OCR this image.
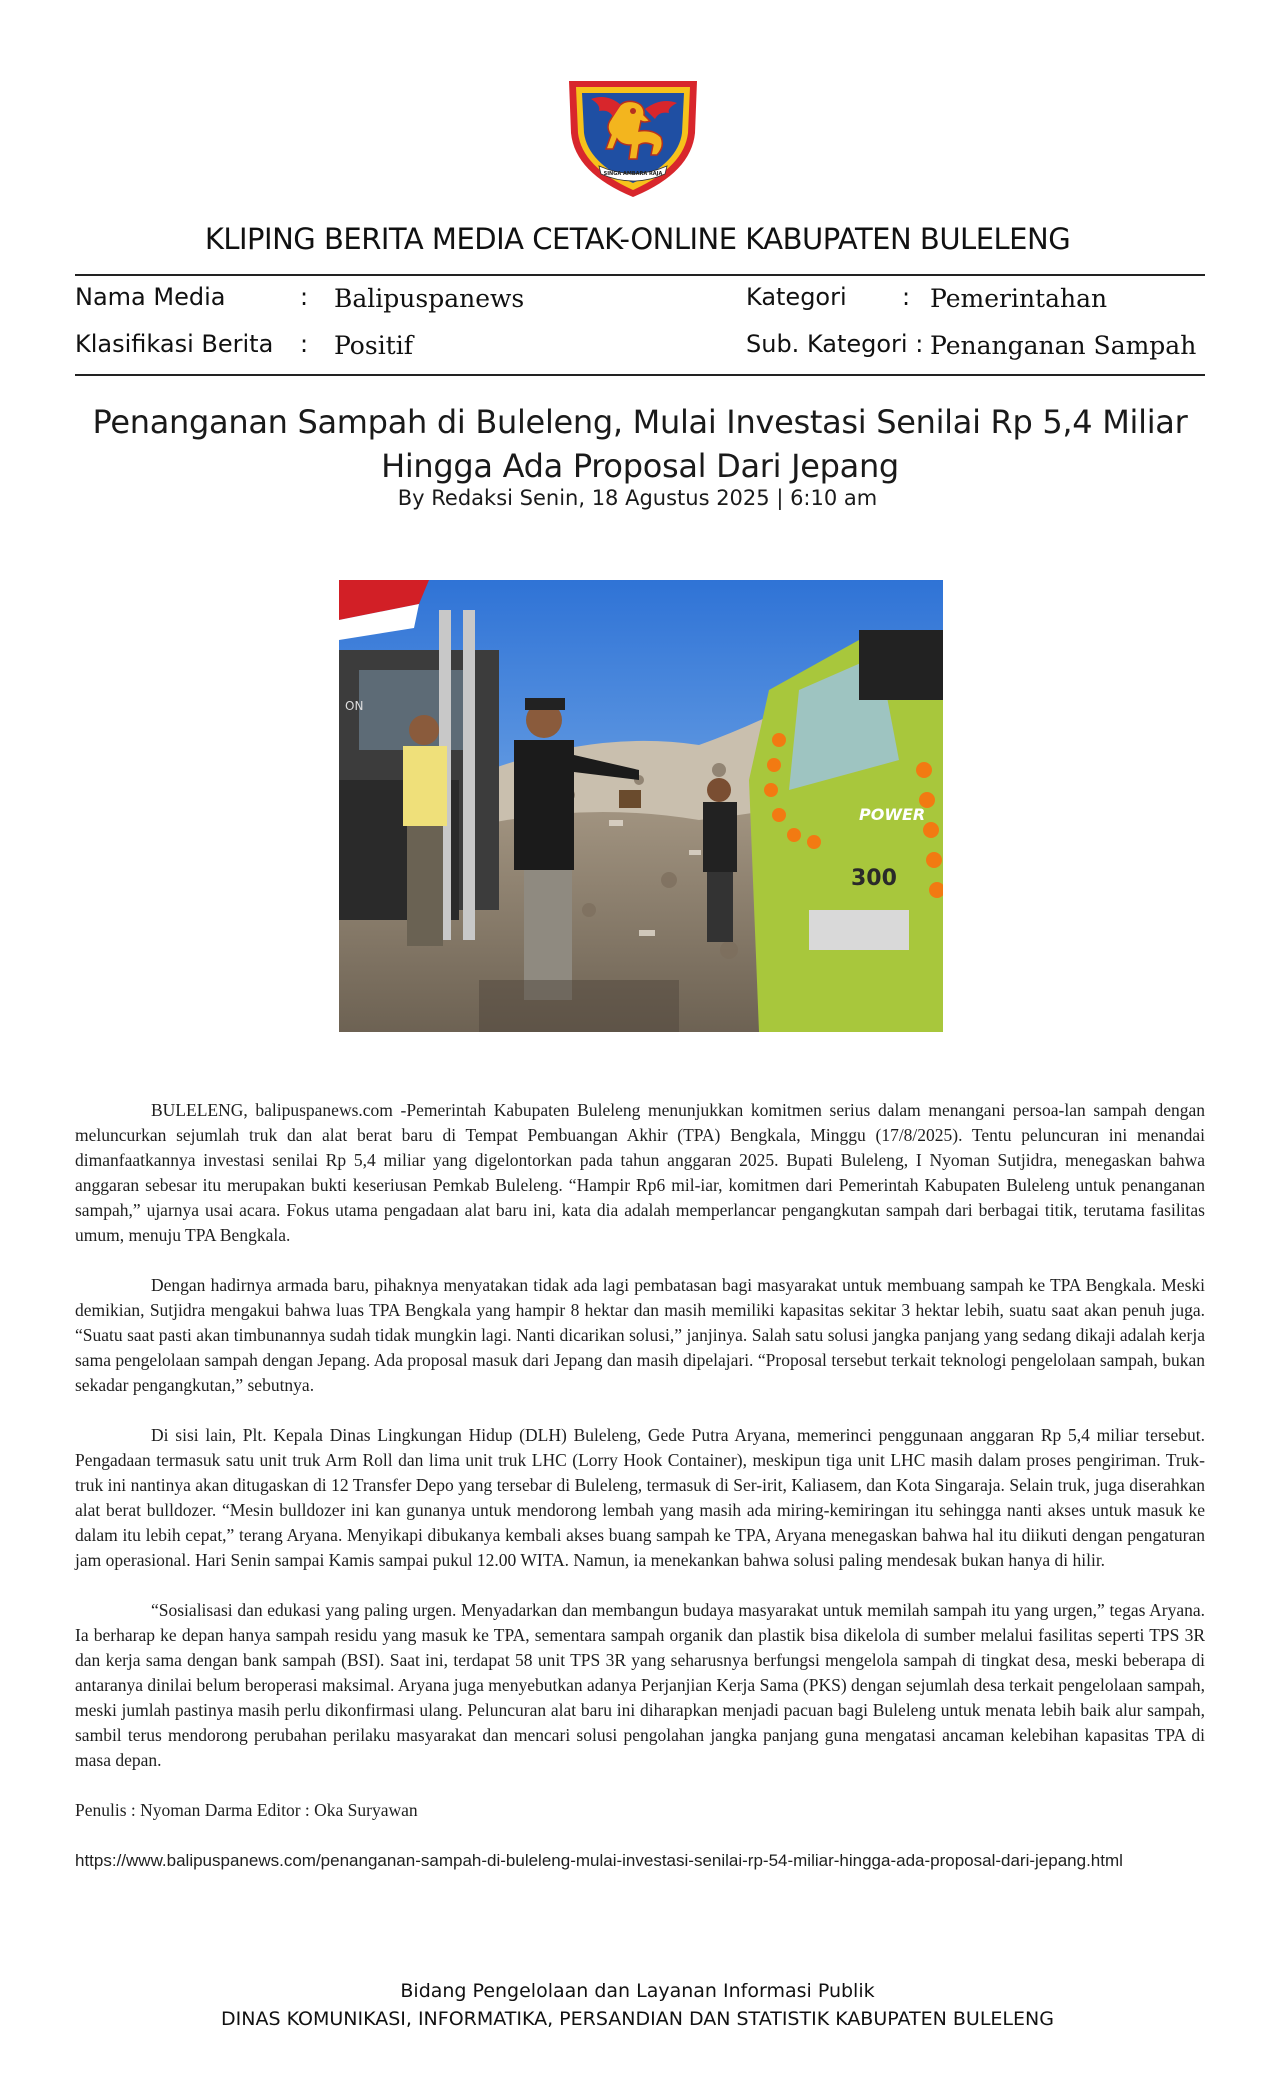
SINGA AMBARA RAJA
KLIPING BERITA MEDIA CETAK-ONLINE KABUPATEN BULELENG
Nama Media	: Balipuspanews
Klasifikasi Berita : Positif
Kategori : Pemerintahan
Sub. Kategori : Penanganan Sampah
Penanganan Sampah di Buleleng, Mulai Investasi Senilai Rp 5,4 Miliar
Hingga Ada Proposal Dari Jepang
By Redaksi Senin, 18 Agustus 2025 | 6:10 am
ON
POWER
300

BULELENG, balipuspanews.com -Pemerintah Kabupaten Buleleng menunjukkan komitmen serius dalam menangani persoa-lan sampah dengan meluncurkan sejumlah truk dan alat berat baru di Tempat Pembuangan Akhir (TPA) Bengkala, Minggu (17/8/2025). Tentu peluncuran ini menandai dimanfaatkannya investasi senilai Rp 5,4 miliar yang digelontorkan pada tahun anggaran 2025. Bupati Buleleng, I Nyoman Sutjidra, menegaskan bahwa anggaran sebesar itu merupakan bukti keseriusan Pemkab Buleleng. “Hampir Rp6 mil-iar, komitmen dari Pemerintah Kabupaten Buleleng untuk penanganan sampah,” ujarnya usai acara. Fokus utama pengadaan alat baru ini, kata dia adalah memperlancar pengangkutan sampah dari berbagai titik, terutama fasilitas umum, menuju TPA Bengkala.

Dengan hadirnya armada baru, pihaknya menyatakan tidak ada lagi pembatasan bagi masyarakat untuk membuang sampah ke TPA Bengkala. Meski demikian, Sutjidra mengakui bahwa luas TPA Bengkala yang hampir 8 hektar dan masih memiliki kapasitas sekitar 3 hektar lebih, suatu saat akan penuh juga. “Suatu saat pasti akan timbunannya sudah tidak mungkin lagi. Nanti dicarikan solusi,” janjinya. Salah satu solusi jangka panjang yang sedang dikaji adalah kerja sama pengelolaan sampah dengan Jepang. Ada proposal masuk dari Jepang dan masih dipelajari. “Proposal tersebut terkait teknologi pengelolaan sampah, bukan sekadar pengangkutan,” sebutnya.

Di sisi lain, Plt. Kepala Dinas Lingkungan Hidup (DLH) Buleleng, Gede Putra Aryana, memerinci penggunaan anggaran Rp 5,4 miliar tersebut. Pengadaan termasuk satu unit truk Arm Roll dan lima unit truk LHC (Lorry Hook Container), meskipun tiga unit LHC masih dalam proses pengiriman. Truk-truk ini nantinya akan ditugaskan di 12 Transfer Depo yang tersebar di Buleleng, termasuk di Ser-irit, Kaliasem, dan Kota Singaraja. Selain truk, juga diserahkan alat berat bulldozer. “Mesin bulldozer ini kan gunanya untuk mendorong lembah yang masih ada miring-kemiringan itu sehingga nanti akses untuk masuk ke dalam itu lebih cepat,” terang Aryana. Menyikapi dibukanya kembali akses buang sampah ke TPA, Aryana menegaskan bahwa hal itu diikuti dengan pengaturan jam operasional. Hari Senin sampai Kamis sampai pukul 12.00 WITA. Namun, ia menekankan bahwa solusi paling mendesak bukan hanya di hilir.

“Sosialisasi dan edukasi yang paling urgen. Menyadarkan dan membangun budaya masyarakat untuk memilah sampah itu yang urgen,” tegas Aryana. Ia berharap ke depan hanya sampah residu yang masuk ke TPA, sementara sampah organik dan plastik bisa dikelola di sumber melalui fasilitas seperti TPS 3R dan kerja sama dengan bank sampah (BSI). Saat ini, terdapat 58 unit TPS 3R yang seharusnya berfungsi mengelola sampah di tingkat desa, meski beberapa di antaranya dinilai belum beroperasi maksimal. Aryana juga menyebutkan adanya Perjanjian Kerja Sama (PKS) dengan sejumlah desa terkait pengelolaan sampah, meski jumlah pastinya masih perlu dikonfirmasi ulang. Peluncuran alat baru ini diharapkan menjadi pacuan bagi Buleleng untuk menata lebih baik alur sampah, sambil terus mendorong perubahan perilaku masyarakat dan mencari solusi pengolahan jangka panjang guna mengatasi ancaman kelebihan kapasitas TPA di masa depan.

Penulis : Nyoman Darma Editor : Oka Suryawan
https://www.balipuspanews.com/penanganan-sampah-di-buleleng-mulai-investasi-senilai-rp-54-miliar-hingga-ada-proposal-dari-jepang.html
Bidang Pengelolaan dan Layanan Informasi Publik
DINAS KOMUNIKASI, INFORMATIKA, PERSANDIAN DAN STATISTIK KABUPATEN BULELENG
